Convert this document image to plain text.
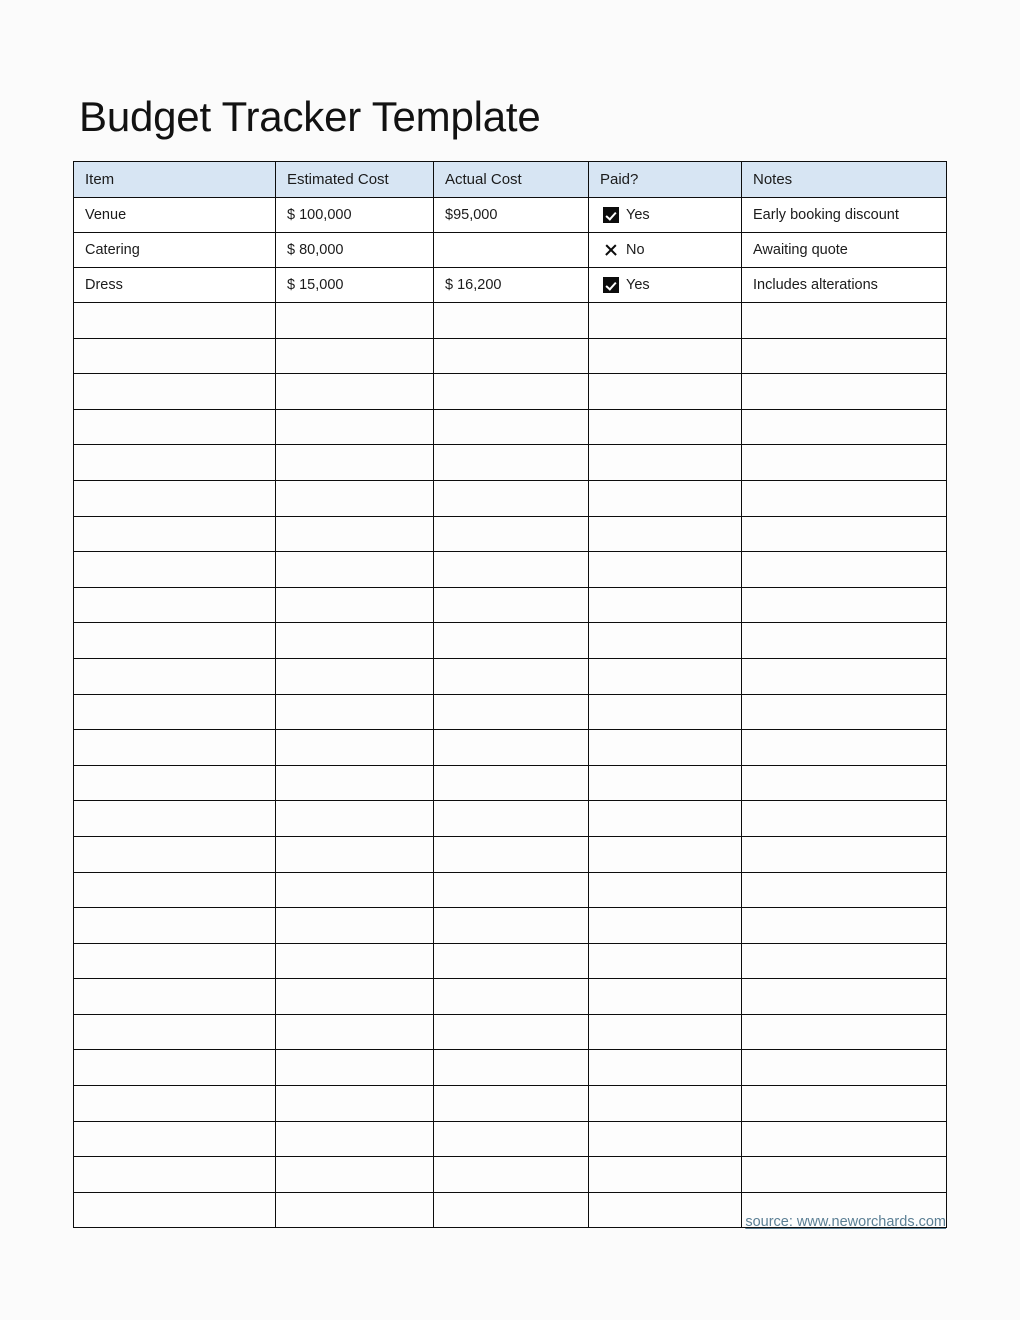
Budget Tracker Template
Item	Estimated Cost	Actual Cost	Paid?	Notes
Venue	$ 100,000	$95,000	Yes	Early booking discount
Catering	$ 80,000		No	Awaiting quote
Dress	$ 15,000	$ 16,200	Yes	Includes alterations

source: www.neworchards.com
